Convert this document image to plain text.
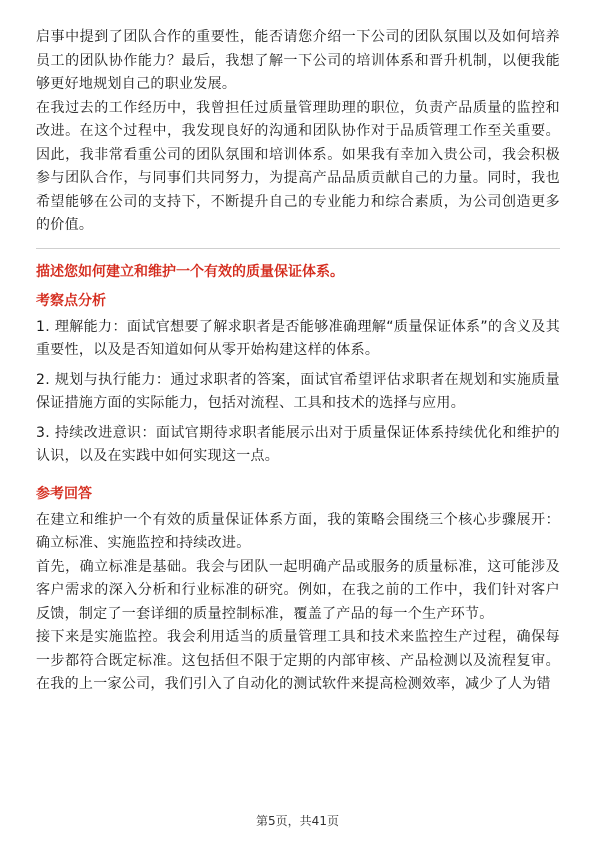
启事中提到了团队合作的重要性，能否请您介绍一下公司的团队氛围以及如何培养员工的团队协作能力？最后，我想了解一下公司的培训体系和晋升机制，以便我能够更好地规划自己的职业发展。

在我过去的工作经历中，我曾担任过质量管理助理的职位，负责产品质量的监控和改进。在这个过程中，我发现良好的沟通和团队协作对于品质管理工作至关重要。因此，我非常看重公司的团队氛围和培训体系。如果我有幸加入贵公司，我会积极参与团队合作，与同事们共同努力，为提高产品品质贡献自己的力量。同时，我也希望能够在公司的支持下，不断提升自己的专业能力和综合素质，为公司创造更多的价值。

描述您如何建立和维护一个有效的质量保证体系。

考察点分析

1. 理解能力：面试官想要了解求职者是否能够准确理解“质量保证体系”的含义及其重要性，以及是否知道如何从零开始构建这样的体系。

2. 规划与执行能力：通过求职者的答案，面试官希望评估求职者在规划和实施质量保证措施方面的实际能力，包括对流程、工具和技术的选择与应用。

3. 持续改进意识：面试官期待求职者能展示出对于质量保证体系持续优化和维护的认识，以及在实践中如何实现这一点。

参考回答

在建立和维护一个有效的质量保证体系方面，我的策略会围绕三个核心步骤展开：确立标准、实施监控和持续改进。

首先，确立标准是基础。我会与团队一起明确产品或服务的质量标准，这可能涉及客户需求的深入分析和行业标准的研究。例如，在我之前的工作中，我们针对客户反馈，制定了一套详细的质量控制标准，覆盖了产品的每一个生产环节。

接下来是实施监控。我会利用适当的质量管理工具和技术来监控生产过程，确保每一步都符合既定标准。这包括但不限于定期的内部审核、产品检测以及流程复审。在我的上一家公司，我们引入了自动化的测试软件来提高检测效率，减少了人为错

第5页，共41页
